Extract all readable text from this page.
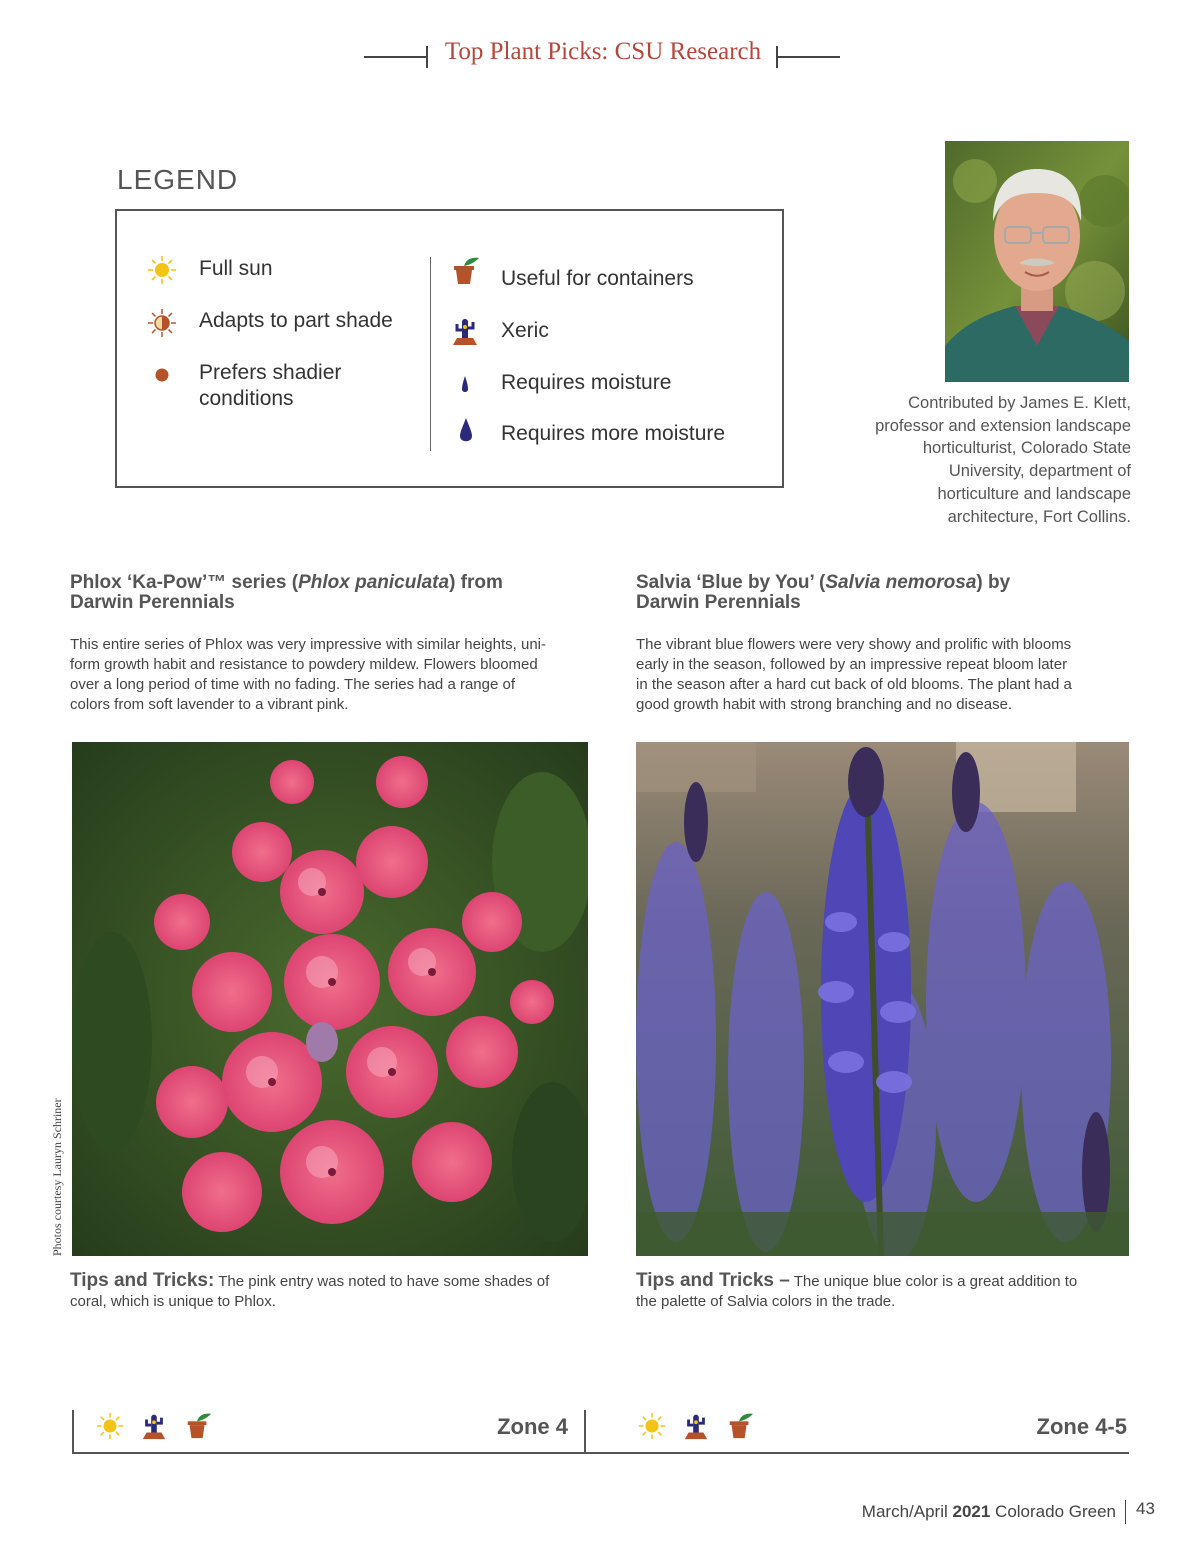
Top Plant Picks: CSU Research
LEGEND
Full sun
Adapts to part shade
Prefers shadier
conditions
Useful for containers
Xeric
Requires moisture
Requires more moisture
Contributed by James E. Klett,
professor and extension landscape
horticulturist, Colorado State
University, department of
horticulture and landscape
architecture, Fort Collins.
Phlox ‘Ka-Pow’™ series (Phlox paniculata) from
Darwin Perennials
This entire series of Phlox was very impressive with similar heights, uni-
form growth habit and resistance to powdery mildew. Flowers bloomed
over a long period of time with no fading. The series had a range of
colors from soft lavender to a vibrant pink.
Tips and Tricks: The pink entry was noted to have some shades of
coral, which is unique to Phlox.
Salvia ‘Blue by You’ (Salvia nemorosa) by
Darwin Perennials
The vibrant blue flowers were very showy and prolific with blooms
early in the season, followed by an impressive repeat bloom later
in the season after a hard cut back of old blooms. The plant had a
good growth habit with strong branching and no disease.
Tips and Tricks – The unique blue color is a great addition to
the palette of Salvia colors in the trade.
Photos courtesy Lauryn Schriner
Zone 4	Zone 4-5
March/April 2021 Colorado Green 43
